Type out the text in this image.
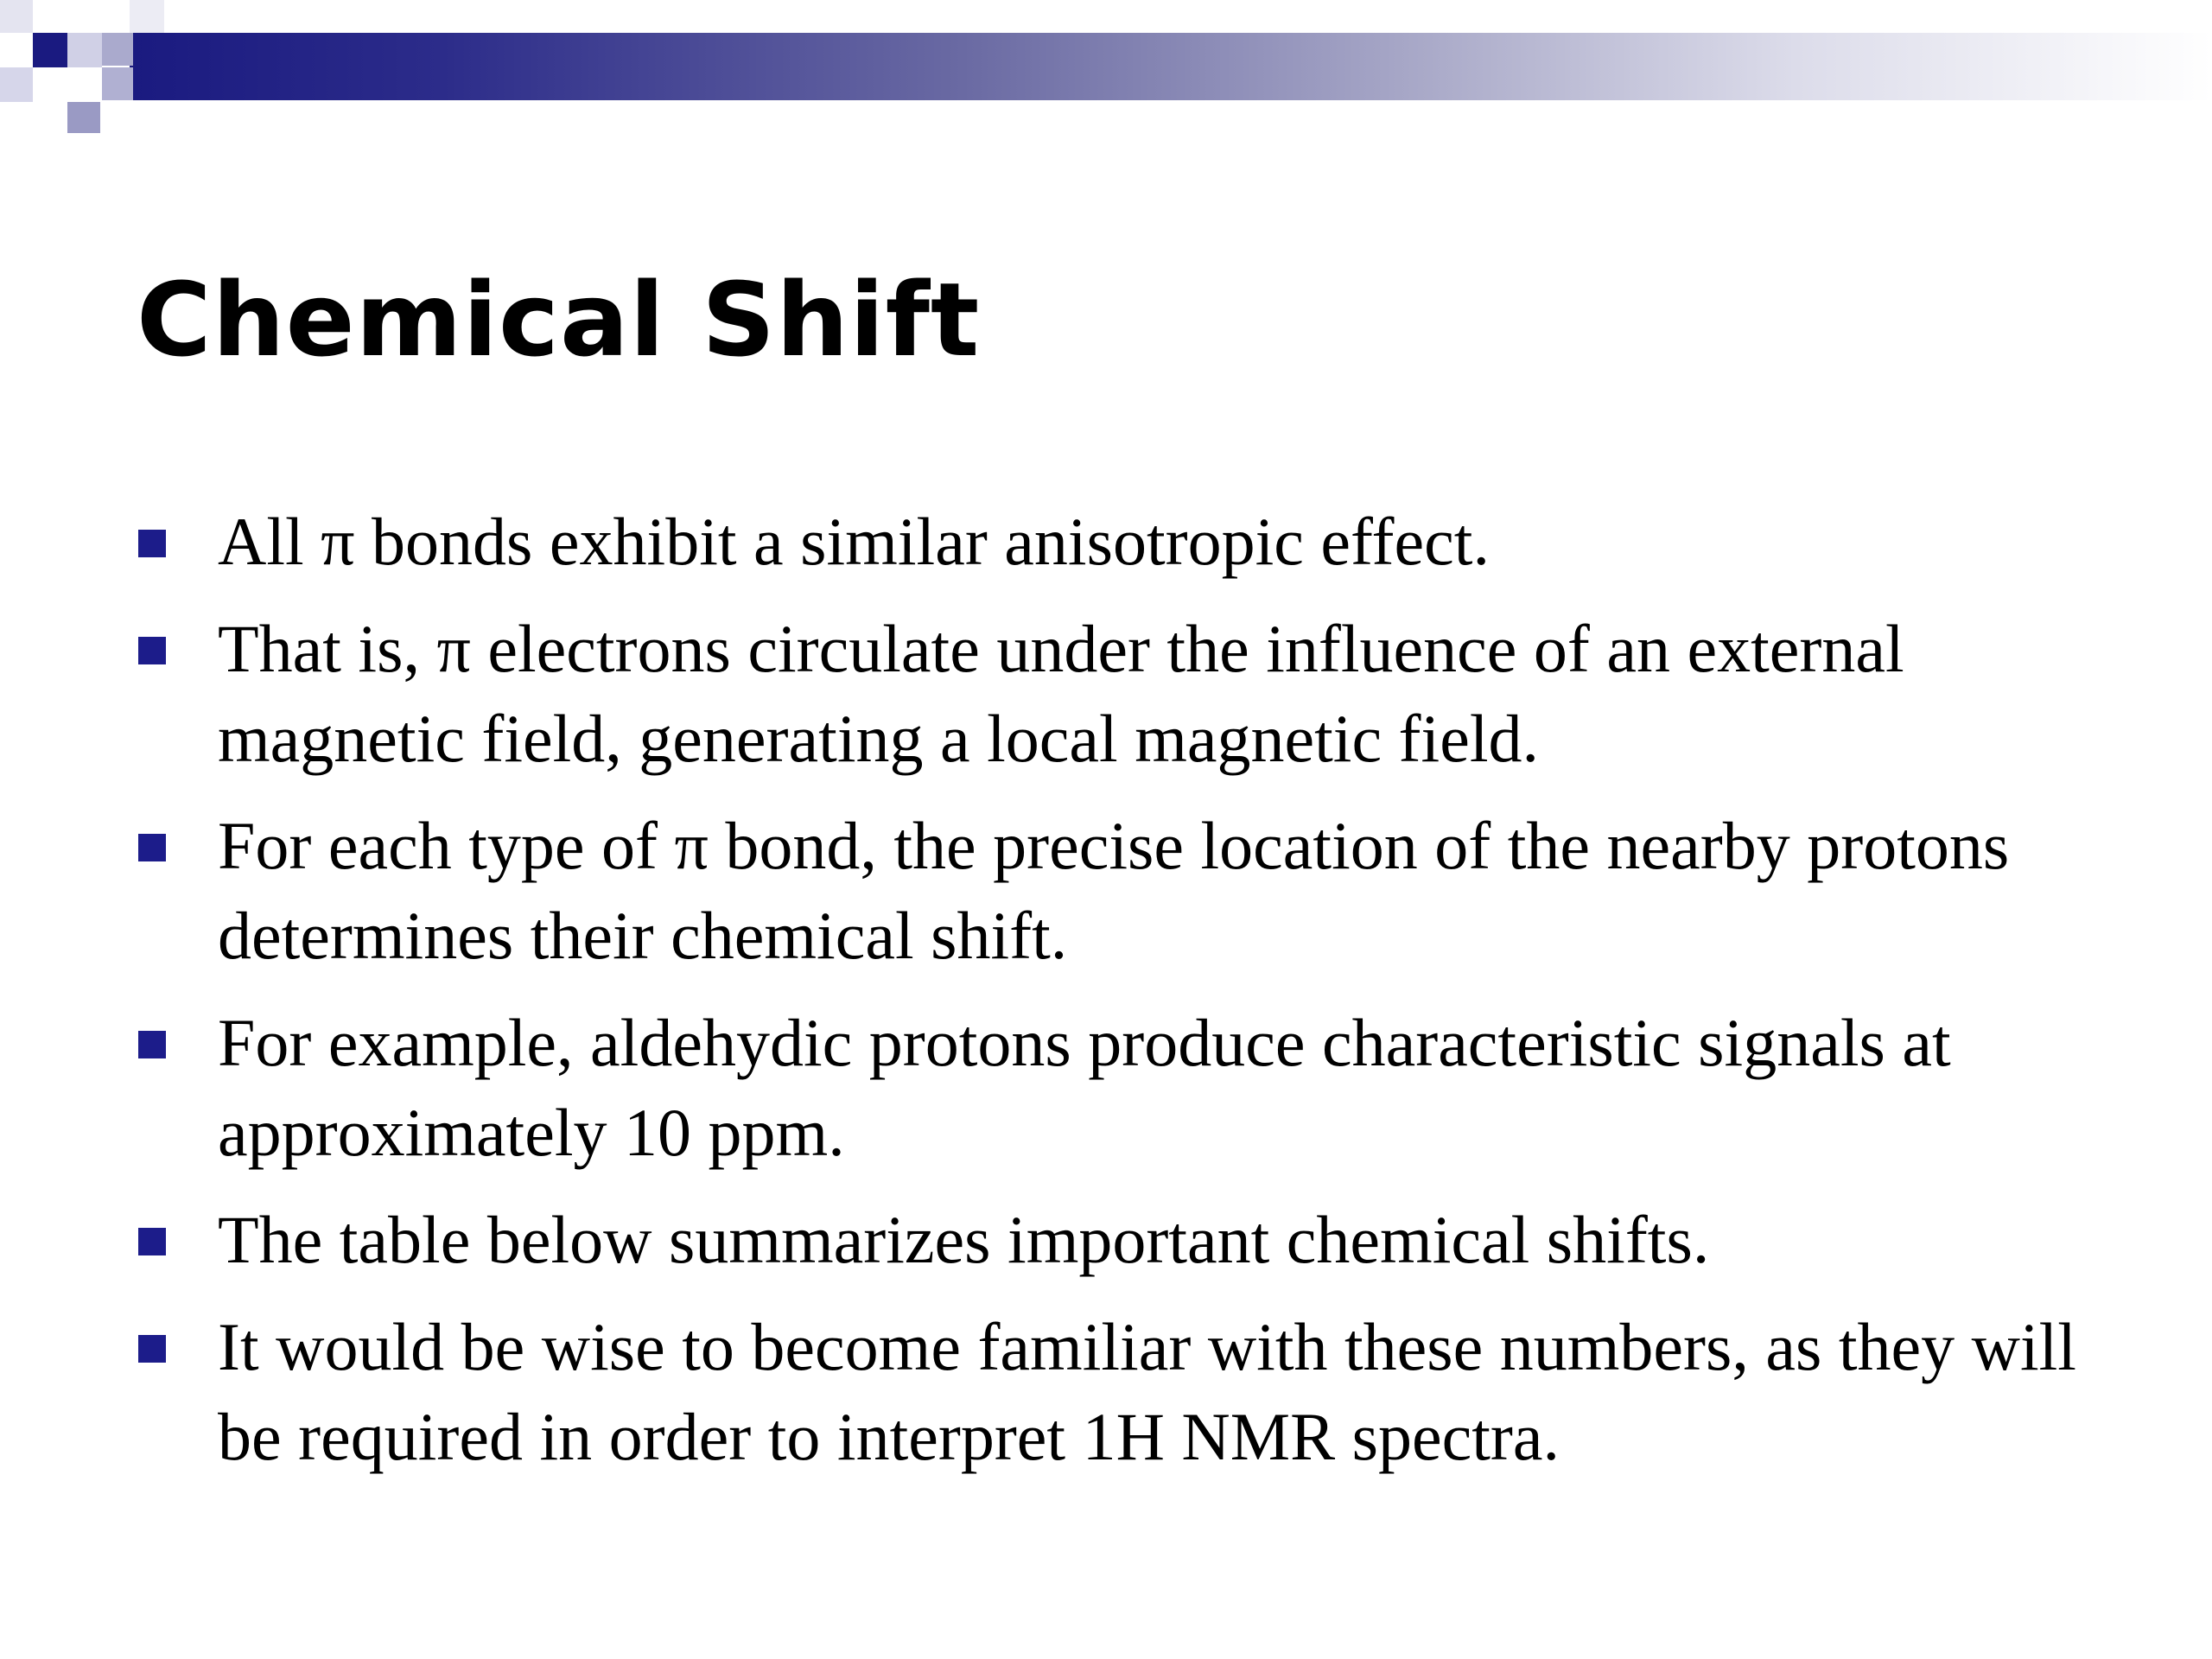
Chemical Shift
All π bonds exhibit a similar anisotropic effect.
That is, π electrons circulate under the influence of an external magnetic field, generating a local magnetic field.
For each type of π bond, the precise location of the nearby protons determines their chemical shift.
For example, aldehydic protons produce characteristic signals at approximately 10 ppm.
The table below summarizes important chemical shifts.
It would be wise to become familiar with these numbers, as they will be required in order to interpret 1H NMR spectra.
